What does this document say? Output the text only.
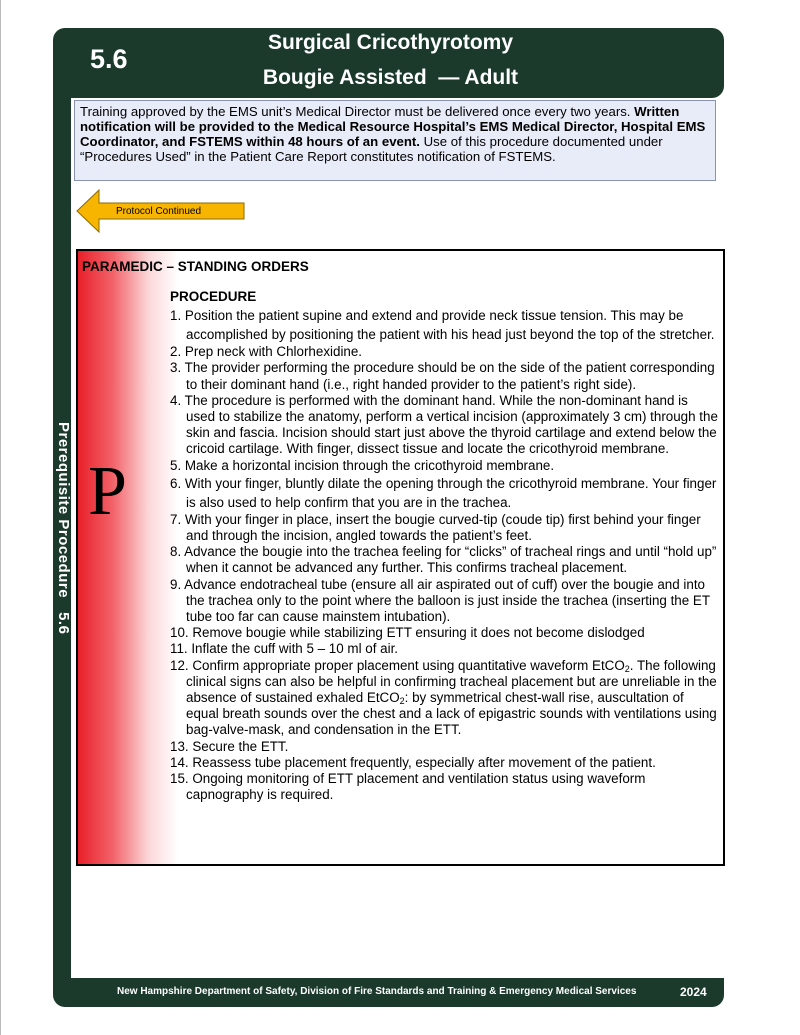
5.6
Surgical Cricothyrotomy
Bougie Assisted  — Adult
Prerequisite Procedure   5.6
Training approved by the EMS unit’s Medical Director must be delivered once every two years. Written notification will be provided to the Medical Resource Hospital’s EMS Medical Director, Hospital EMS Coordinator, and FSTEMS within 48 hours of an event. Use of this procedure documented under “Procedures Used” in the Patient Care Report constitutes notification of FSTEMS.
Protocol Continued
PARAMEDIC – STANDING ORDERS
P
PROCEDURE

1. Position the patient supine and extend and provide neck tissue tension. This may be accomplished by positioning the patient with his head just beyond the top of the stretcher.

2. Prep neck with Chlorhexidine.

3. The provider performing the procedure should be on the side of the patient corresponding to their dominant hand (i.e., right handed provider to the patient’s right side).

4. The procedure is performed with the dominant hand. While the non-dominant hand is used to stabilize the anatomy, perform a vertical incision (approximately 3 cm) through the skin and fascia. Incision should start just above the thyroid cartilage and extend below the cricoid cartilage. With finger, dissect tissue and locate the cricothyroid membrane.

5. Make a horizontal incision through the cricothyroid membrane.

6. With your finger, bluntly dilate the opening through the cricothyroid membrane. Your finger is also used to help confirm that you are in the trachea.

7. With your finger in place, insert the bougie curved-tip (coude tip) first behind your finger and through the incision, angled towards the patient’s feet.

8. Advance the bougie into the trachea feeling for “clicks” of tracheal rings and until “hold up” when it cannot be advanced any further. This confirms tracheal placement.

9. Advance endotracheal tube (ensure all air aspirated out of cuff) over the bougie and into the trachea only to the point where the balloon is just inside the trachea (inserting the ET tube too far can cause mainstem intubation).

10. Remove bougie while stabilizing ETT ensuring it does not become dislodged

11. Inflate the cuff with 5 – 10 ml of air.

12. Confirm appropriate proper placement using quantitative waveform EtCO$_2$. The following clinical signs can also be helpful in confirming tracheal placement but are unreliable in the absence of sustained exhaled EtCO$_2$: by symmetrical chest-wall rise, auscultation of equal breath sounds over the chest and a lack of epigastric sounds with ventilations using bag-valve-mask, and condensation in the ETT.

13. Secure the ETT.

14. Reassess tube placement frequently, especially after movement of the patient.

15. Ongoing monitoring of ETT placement and ventilation status using waveform capnography is required.

New Hampshire Department of Safety, Division of Fire Standards and Training & Emergency Medical Services	2024
